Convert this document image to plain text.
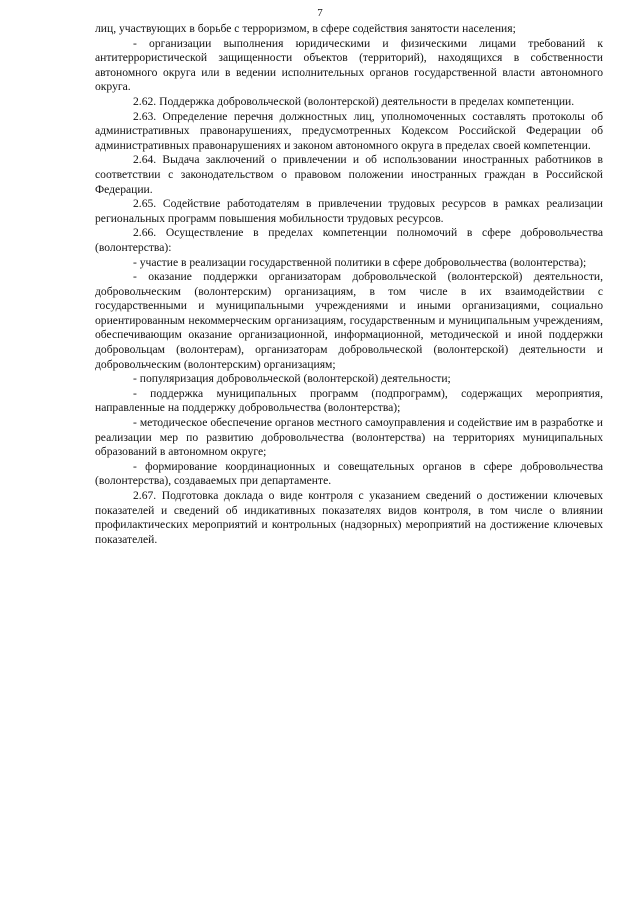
7

лиц, участвующих в борьбе с терроризмом, в сфере содействия занятости населения;

- организации выполнения юридическими и физическими лицами требований к антитеррористической защищенности объектов (территорий), находящихся в собственности автономного округа или в ведении исполнительных органов государственной власти автономного округа.

2.62. Поддержка добровольческой (волонтерской) деятельности в пределах компетенции.

2.63. Определение перечня должностных лиц, уполномоченных составлять протоколы об административных правонарушениях, предусмотренных Кодексом Российской Федерации об административных правонарушениях и законом автономного округа в пределах своей компетенции.

2.64. Выдача заключений о привлечении и об использовании иностранных работников в соответствии с законодательством о правовом положении иностранных граждан в Российской Федерации.

2.65. Содействие работодателям в привлечении трудовых ресурсов в рамках реализации региональных программ повышения мобильности трудовых ресурсов.

2.66. Осуществление в пределах компетенции полномочий в сфере добровольчества (волонтерства):

- участие в реализации государственной политики в сфере добровольчества (волонтерства);

- оказание поддержки организаторам добровольческой (волонтерской) деятельности, добровольческим (волонтерским) организациям, в том числе в их взаимодействии с государственными и муниципальными учреждениями и иными организациями, социально ориентированным некоммерческим организациям, государственным и муниципальным учреждениям, обеспечивающим оказание организационной, информационной, методической и иной поддержки добровольцам (волонтерам), организаторам добровольческой (волонтерской) деятельности и добровольческим (волонтерским) организациям;

- популяризация добровольческой (волонтерской) деятельности;

- поддержка муниципальных программ (подпрограмм), содержащих мероприятия, направленные на поддержку добровольчества (волонтерства);

- методическое обеспечение органов местного самоуправления и содействие им в разработке и реализации мер по развитию добровольчества (волонтерства) на территориях муниципальных образований в автономном округе;

- формирование координационных и совещательных органов в сфере добровольчества (волонтерства), создаваемых при департаменте.

2.67. Подготовка доклада о виде контроля с указанием сведений о достижении ключевых показателей и сведений об индикативных показателях видов контроля, в том числе о влиянии профилактических мероприятий и контрольных (надзорных) мероприятий на достижение ключевых показателей.
